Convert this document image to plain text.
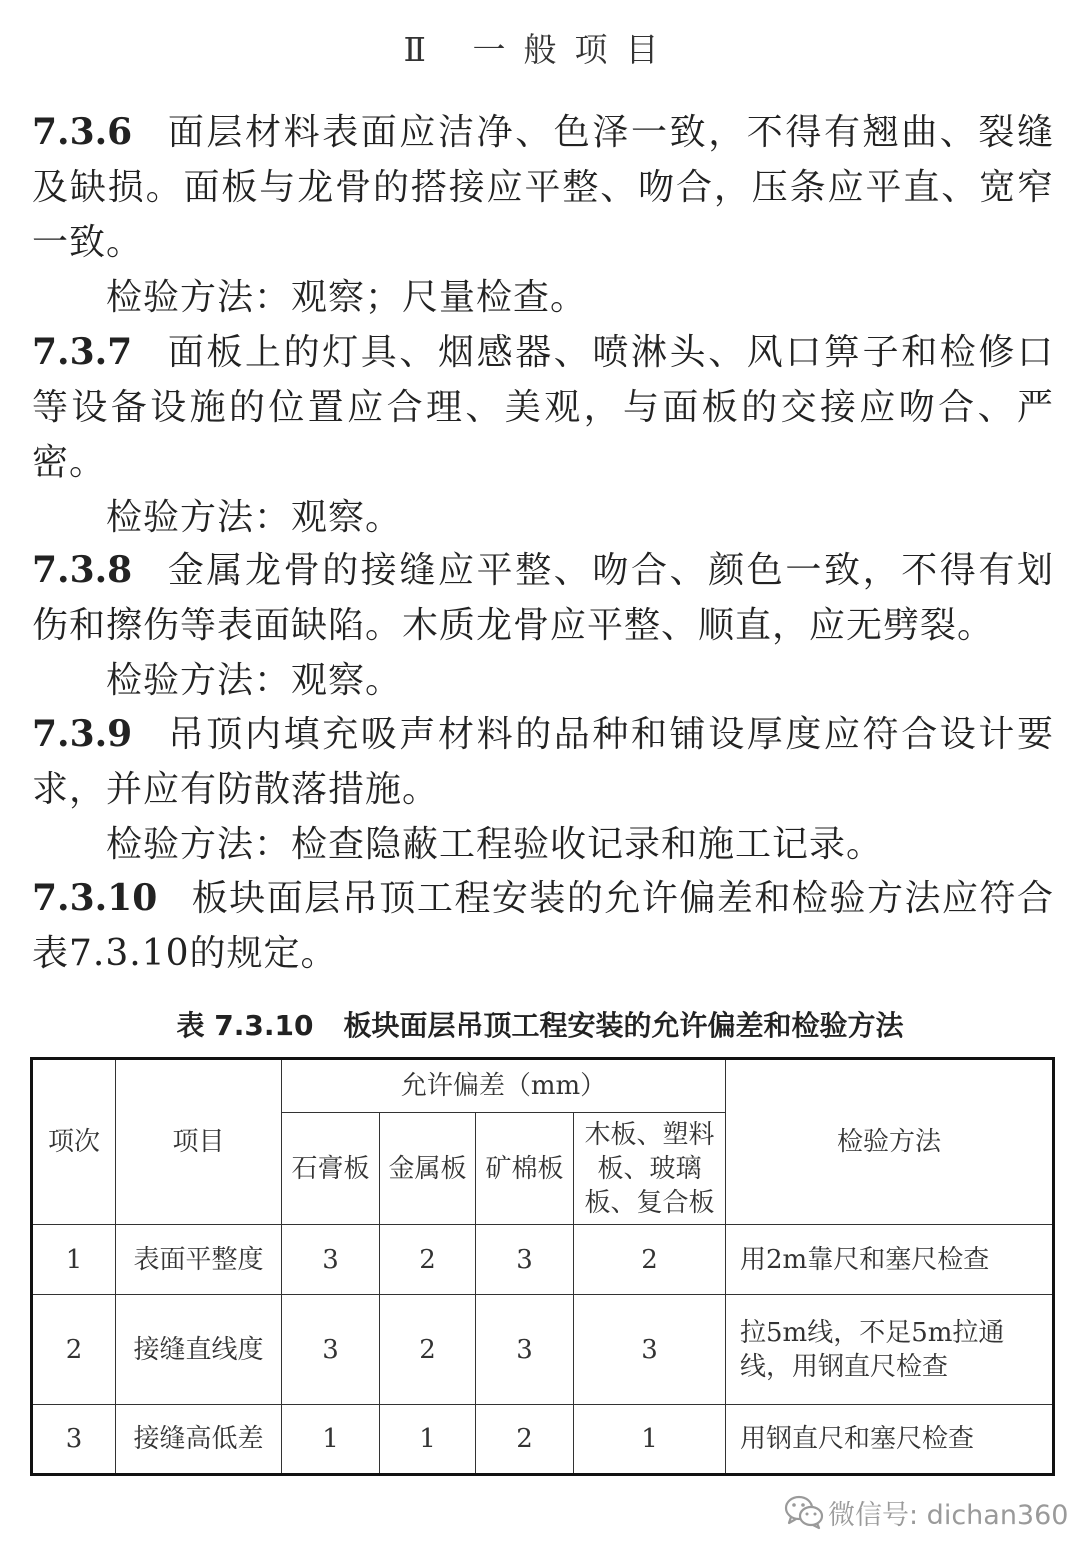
Ⅱ 一般项目
7.3.6 面层材料表面应洁净、色泽一致，不得有翘曲、裂缝及缺损。面板与龙骨的搭接应平整、吻合，压条应平直、宽窄一致。
检验方法：观察；尺量检查。
7.3.7 面板上的灯具、烟感器、喷淋头、风口箅子和检修口等设备设施的位置应合理、美观，与面板的交接应吻合、严密。
检验方法：观察。
7.3.8 金属龙骨的接缝应平整、吻合、颜色一致，不得有划伤和擦伤等表面缺陷。木质龙骨应平整、顺直，应无劈裂。
检验方法：观察。
7.3.9 吊顶内填充吸声材料的品种和铺设厚度应符合设计要求，并应有防散落措施。
检验方法：检查隐蔽工程验收记录和施工记录。
7.3.10 板块面层吊顶工程安装的允许偏差和检验方法应符合表7.3.10的规定。
表 7.3.10 板块面层吊顶工程安装的允许偏差和检验方法
项次	项目	允许偏差（mm）				检验方法
		石膏板	金属板	矿棉板	木板、塑料板、玻璃板、复合板	
1	表面平整度	3	2	3	2	用2m靠尺和塞尺检查
2	接缝直线度	3	2	3	3	拉5m线，不足5m拉通线，用钢直尺检查
3	接缝高低差	1	1	2	1	用钢直尺和塞尺检查
微信号: dichan360
